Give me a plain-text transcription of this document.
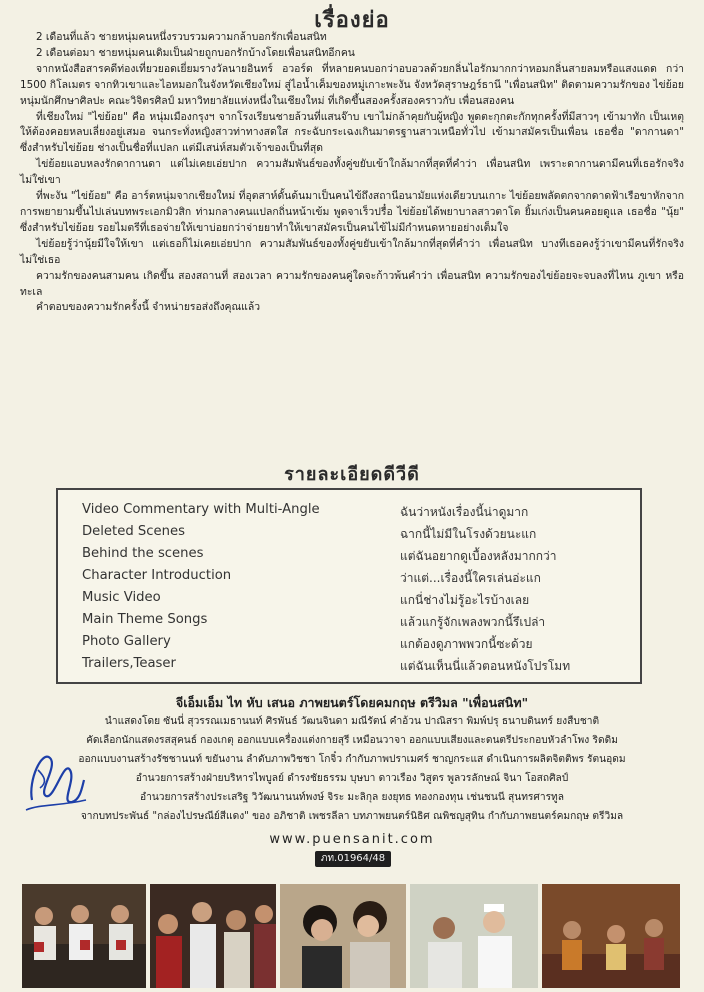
เรื่องย่อ

2 เดือนที่แล้ว ชายหนุ่มคนหนึ่งรวบรวมความกล้าบอกรักเพื่อนสนิท

2 เดือนต่อมา ชายหนุ่มคนเดิมเป็นฝ่ายถูกบอกรักบ้างโดยเพื่อนสนิทอีกคน

จากหนังสือสารคดีท่องเที่ยวยอดเยี่ยมรางวัลนายอินทร์ อวอร์ด ที่หลายคนบอกว่าอบอวลด้วยกลิ่นไอรักมากกว่าหอมกลิ่นสายลมหรือแสงแดด กว่า 1500 กิโลเมตร จากทิวเขาและไอหมอกในจังหวัดเชียงใหม่ สู่ไอน้ำเค็มของหมู่เกาะพะงัน จังหวัดสุราษฎร์ธานี "เพื่อนสนิท" ติดตามความรักของ ไข่ย้อย หนุ่มนักศึกษาศิลปะ คณะวิจิตรศิลป์ มหาวิทยาลัยแห่งหนึ่งในเชียงใหม่ ที่เกิดขึ้นสองครั้งสองคราวกับ เพื่อนสองคน

ที่เชียงใหม่ "ไข่ย้อย" คือ หนุ่มเมืองกรุงฯ จากโรงเรียนชายล้วนที่แสนจ๊าบ เขาไม่กล้าคุยกับผู้หญิง พูดตะกุกตะกักทุกครั้งที่มีสาวๆ เข้ามาทัก เป็นเหตุให้ต้องคอยหลบเลี่ยงอยู่เสมอ จนกระทั่งหญิงสาวท่าทางสดใส กระฉับกระเฉงเกินมาตรฐานสาวเหนือทั่วไป เข้ามาสมัครเป็นเพื่อน เธอชื่อ "ดากานดา" ซึ่งสำหรับไข่ย้อย ช่างเป็นชื่อที่แปลก แต่มีเสน่ห์สมตัวเจ้าของเป็นที่สุด

ไข่ย้อยแอบหลงรักดากานดา แต่ไม่เคยเอ่ยปาก ความสัมพันธ์ของทั้งคู่ขยับเข้าใกล้มากที่สุดที่คำว่า เพื่อนสนิท เพราะดากานดามีคนที่เธอรักจริง ไม่ใช่เขา

ที่พะงัน "ไข่ย้อย" คือ อาร์ตหนุ่มจากเชียงใหม่ ที่อุตสาห์ดั้นด้นมาเป็นคนไข้ถึงสถานีอนามัยแห่งเดียวบนเกาะ ไข่ย้อยพลัดตกจากดาดฟ้าเรือขาหักจากการพยายามขึ้นไปเล่นบทพระเอกมิวสิก ท่ามกลางคนแปลกถิ่นหน้าเข้ม พูดจาเร็วปรื๋อ ไข่ย้อยได้พยาบาลสาวตาโต ยิ้มเก่งเป็นคนคอยดูแล เธอชื่อ "นุ้ย" ซึ่งสำหรับไข่ย้อย รอยไมตรีที่เธอจ่ายให้เขาบ่อยกว่าจ่ายยาทำให้เขาสมัครเป็นคนไข้ไม่มีกำหนดหายอย่างเต็มใจ

ไข่ย้อยรู้ว่านุ้ยมีใจให้เขา แต่เธอก็ไม่เคยเอ่ยปาก ความสัมพันธ์ของทั้งคู่ขยับเข้าใกล้มากที่สุดที่คำว่า เพื่อนสนิท บางทีเธอคงรู้ว่าเขามีคนที่รักจริง ไม่ใช่เธอ

ความรักของคนสามคน เกิดขึ้น สองสถานที่ สองเวลา ความรักของคนคู่ใดจะก้าวพ้นคำว่า เพื่อนสนิท ความรักของไข่ย้อยจะจบลงที่ไหน ภูเขา หรือ ทะเล

คำตอบของความรักครั้งนี้ จำหน่ายรอส่งถึงคุณแล้ว

รายละเอียดดีวีดี
Video Commentary with Multi-Angle	ฉันว่าหนังเรื่องนี้น่าดูมาก
Deleted Scenes	ฉากนี้ไม่มีในโรงด้วยนะแก
Behind the scenes	แต่ฉันอยากดูเบื้องหลังมากกว่า
Character Introduction	ว่าแต่...เรื่องนี้ใครเล่นอ่ะแก
Music Video	แกนี่ช่างไม่รู้อะไรบ้างเลย
Main Theme Songs	แล้วแกรู้จักเพลงพวกนี้รึเปล่า
Photo Gallery	แกต้องดูภาพพวกนี้ซะด้วย
Trailers,Teaser	แต่ฉันเห็นนี่แล้วตอนหนังโปรโมท
จีเอ็มเอ็ม ไท หับ เสนอ ภาพยนตร์โดยคมกฤษ ตรีวิมล "เพื่อนสนิท"
นำแสดงโดย ซันนี่ สุวรรณเมธานนท์ ศิรพันธ์ วัฒนจินดา มณีรัตน์ คำอ้วน ปาณิสรา พิมพ์ปรุ ธนาบดินทร์ ยงสืบชาติ
คัดเลือกนักแสดงรสสุคนธ์ กองเกตุ ออกแบบเครื่องแต่งกายสุรี เหมือนวาจา ออกแบบเสียงและดนตรีประกอบหัวลำโพง ริดดิม
ออกแบบงานสร้างรัชชานนท์ ขยันงาน ลำดับภาพวิชชา โกจิ๋ว กำกับภาพปราเมศร์ ชาญกระแส ดำเนินการผลิตจิตติพร รัตนอุดม
อำนวยการสร้างฝ่ายบริหารไพบูลย์ ดำรงชัยธรรม บุษบา ดาวเรือง วิสูตร พูลวรลักษณ์ จินา โอสถศิลป์
อำนวยการสร้างประเสริฐ วิวัฒนานนท์พงษ์ จิระ มะลิกุล ยงยุทธ ทองกองทุน เช่นชนนี สุนทรศารทูล
จากบทประพันธ์ "กล่องไปรษณีย์สีแดง" ของ อภิชาติ เพชรลีลา บทภาพยนตร์นิธิศ ณพิชญสุทิน กำกับภาพยนตร์คมกฤษ ตรีวิมล
www.puensanit.com
ภท.01964/48
